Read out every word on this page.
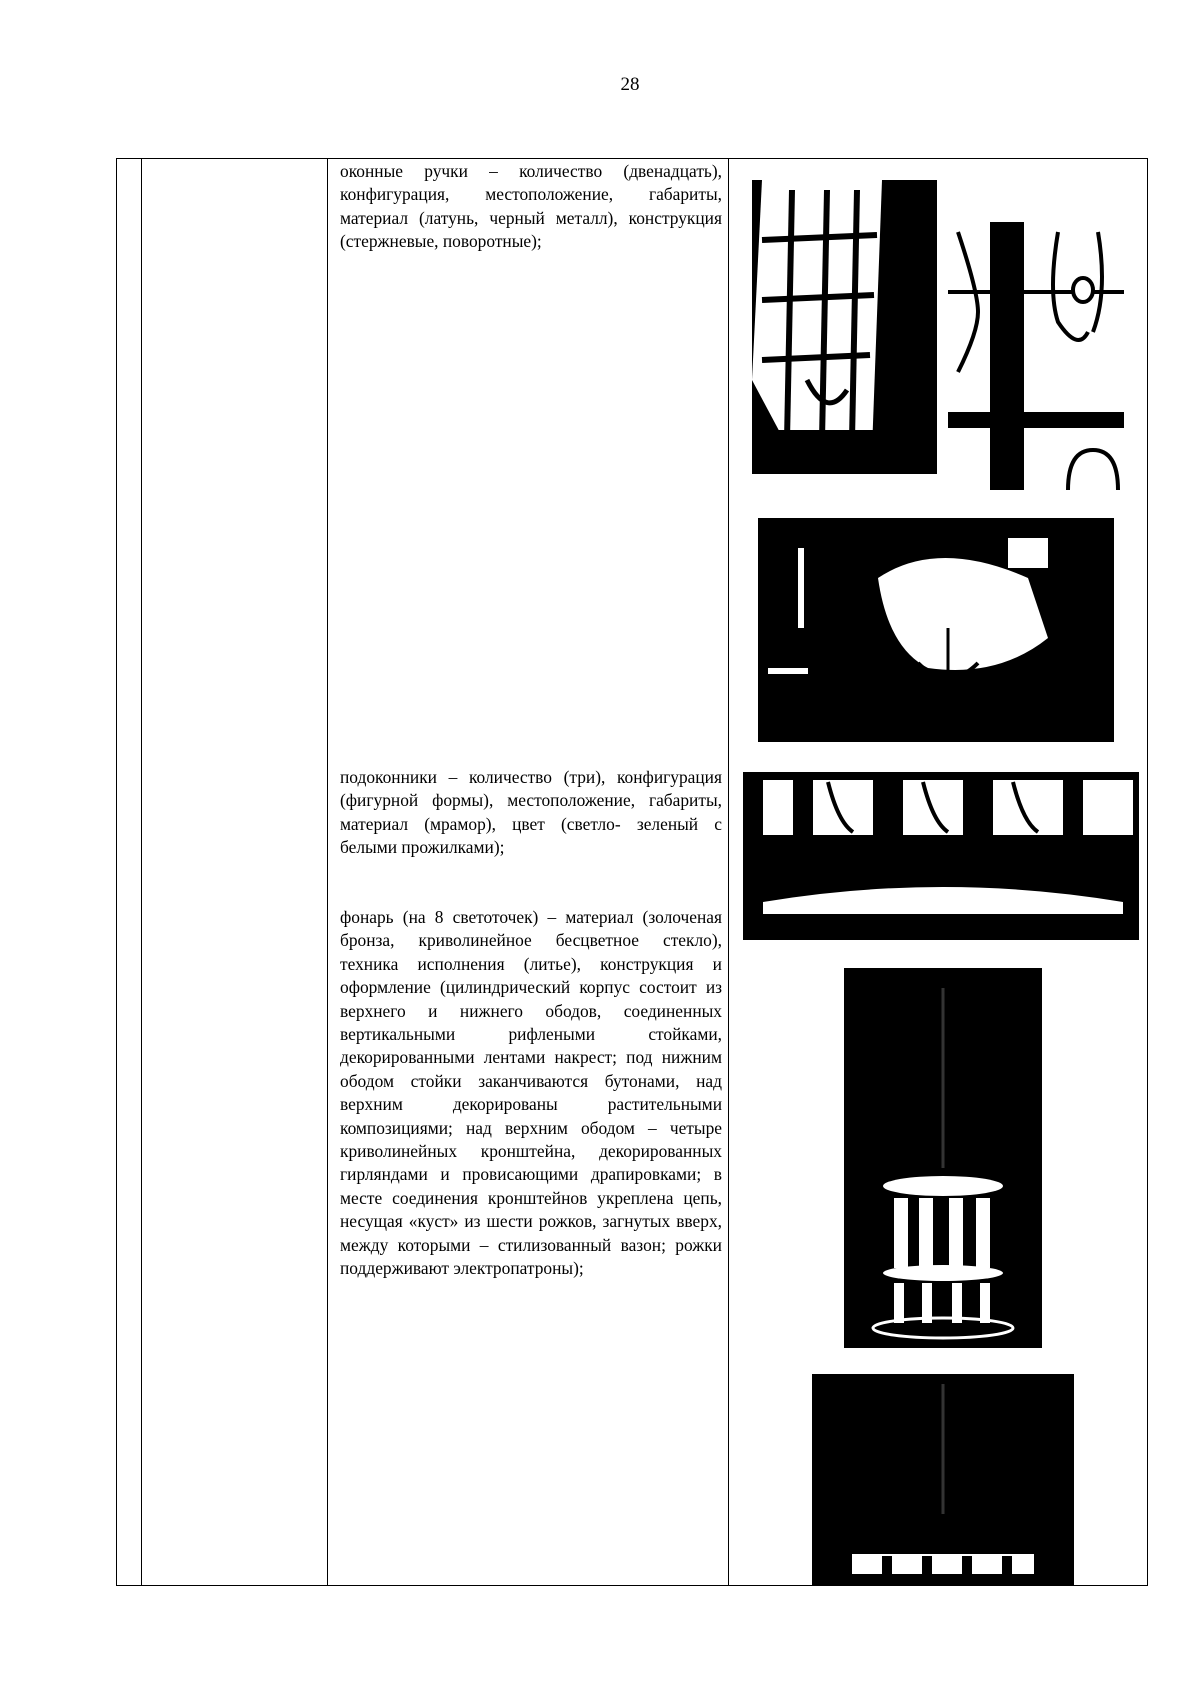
28
оконные ручки – количество (двенадцать), конфигурация, местоположение, габариты, материал (латунь, черный металл), конструкция (стержневые, поворотные);
подоконники – количество (три), конфигурация (фигурной формы), местоположение, габариты, материал (мрамор), цвет (светло- зеленый с белыми прожилками);
фонарь (на 8 светоточек) – материал (золоченая бронза, криволинейное бесцветное стекло), техника исполнения (литье), конструкция и оформление (цилиндрический корпус состоит из верхнего и нижнего ободов, соединенных вертикальными рифлеными стойками, декорированными лентами накрест; под нижним ободом стойки заканчиваются бутонами, над верхним декорированы растительными композициями; над верхним ободом – четыре криволинейных кронштейна, декорированных гирляндами и провисающими драпировками; в месте соединения кронштейнов укреплена цепь, несущая «куст» из шести рожков, загнутых вверх, между которыми – стилизованный вазон; рожки поддерживают электропатроны);
